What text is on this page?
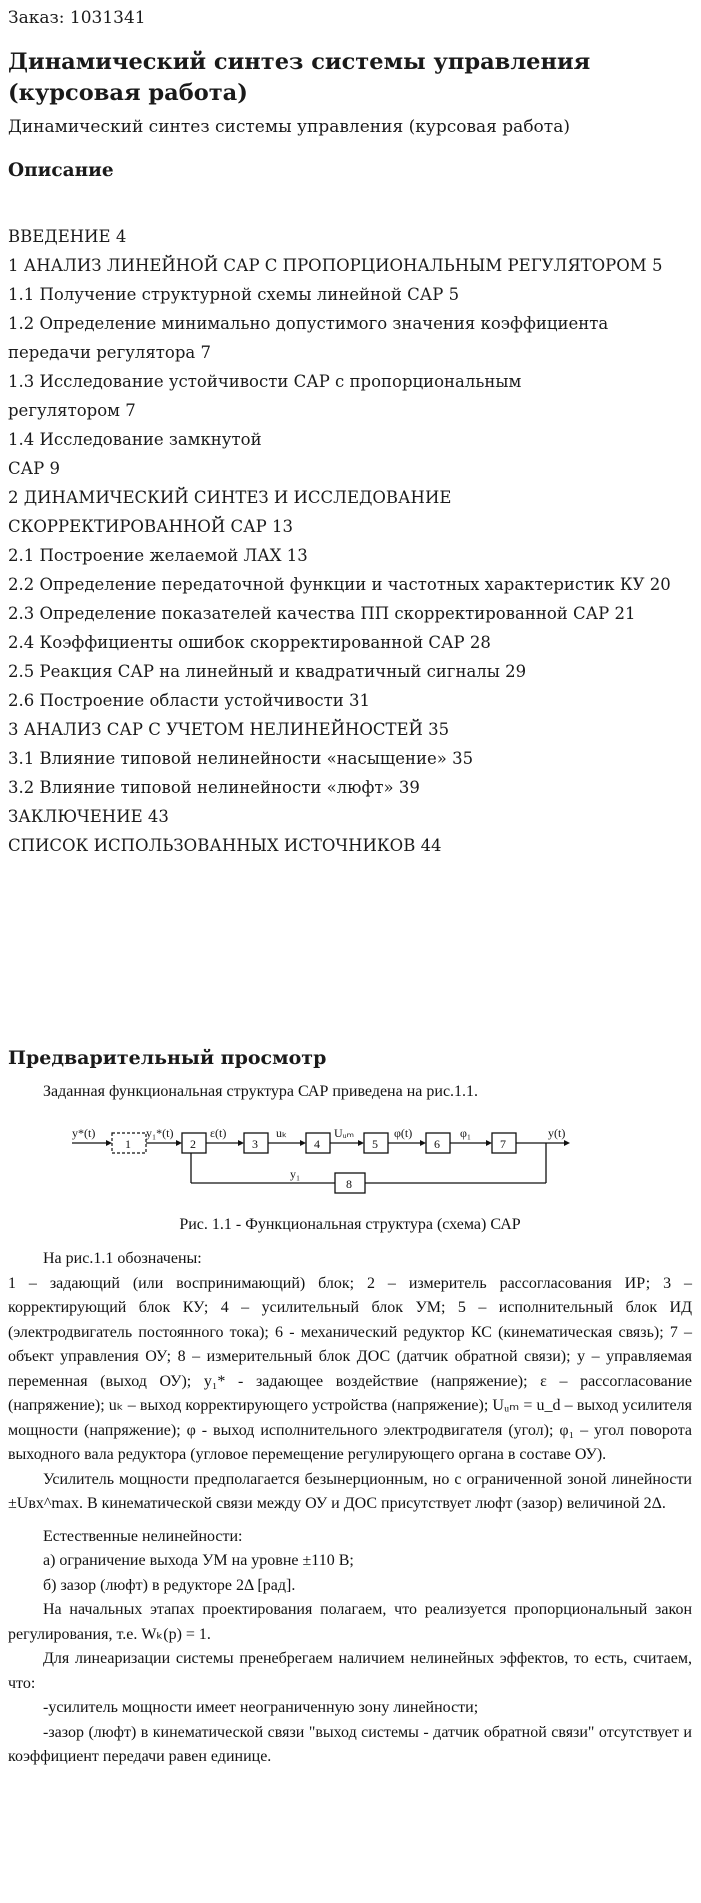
Заказ: 1031341
Динамический синтез системы управления (курсовая работа)
Динамический синтез системы управления (курсовая работа)
Описание
ВВЕДЕНИЕ 4
1 АНАЛИЗ ЛИНЕЙНОЙ САР С ПРОПОРЦИОНАЛЬНЫМ РЕГУЛЯТОРОМ 5
1.1 Получение структурной схемы линейной САР 5
1.2 Определение минимально допустимого значения коэффициента передачи регулятора 7
1.3 Исследование устойчивости САР с пропорциональным регулятором 7
1.4 Исследование замкнутой
САР 9
2 ДИНАМИЧЕСКИЙ СИНТЕЗ И ИССЛЕДОВАНИЕ СКОРРЕКТИРОВАННОЙ САР 13
2.1 Построение желаемой ЛАХ 13
2.2 Определение передаточной функции и частотных характеристик КУ 20
2.3 Определение показателей качества ПП скорректированной САР 21
2.4 Коэффициенты ошибок скорректированной САР 28
2.5 Реакция САР на линейный и квадратичный сигналы 29
2.6 Построение области устойчивости 31
3 АНАЛИЗ САР С УЧЕТОМ НЕЛИНЕЙНОСТЕЙ 35
3.1 Влияние типовой нелинейности «насыщение» 35
3.2 Влияние типовой нелинейности «люфт» 39
ЗАКЛЮЧЕНИЕ 43
СПИСОК ИСПОЛЬЗОВАННЫХ ИСТОЧНИКОВ 44
Предварительный просмотр

Заданная функциональная структура САР приведена на рис.1.1.

1	2	3	4	5	6	7
8
y*(t)	y₁*(t)	ε(t)	uₖ	Uᵤₘ	φ(t)	φ₁	y(t)
y₁

Рис. 1.1 - Функциональная структура (схема) САР

На рис.1.1 обозначены:

1 – задающий (или воспринимающий) блок; 2 – измеритель рассогласования ИР; 3 – корректирующий блок КУ; 4 – усилительный блок УМ; 5 – исполнительный блок ИД (электродвигатель постоянного тока); 6 - механический редуктор КС (кинематическая связь); 7 – объект управления ОУ; 8 – измерительный блок ДОС (датчик обратной связи); y – управляемая переменная (выход ОУ); y₁* - задающее воздействие (напряжение); ε – рассогласование (напряжение); uₖ – выход корректирующего устройства (напряжение); Uᵤₘ = u_d – выход усилителя мощности (напряжение); φ - выход исполнительного электродвигателя (угол); φ₁ – угол поворота выходного вала редуктора (угловое перемещение регулирующего органа в составе ОУ).

Усилитель мощности предполагается безынерционным, но с ограниченной зоной линейности ±Uвх^max. В кинематической связи между ОУ и ДОС присутствует люфт (зазор) величиной 2Δ.

Естественные нелинейности:

а) ограничение выхода УМ на уровне ±110 В;

б) зазор (люфт) в редукторе 2Δ [рад].

На начальных этапах проектирования полагаем, что реализуется пропорциональный закон регулирования, т.е. Wₖ(p) = 1.

Для линеаризации системы пренебрегаем наличием нелинейных эффектов, то есть, считаем, что:

-усилитель мощности имеет неограниченную зону линейности;

-зазор (люфт) в кинематической связи "выход системы - датчик обратной связи" отсутствует и коэффициент передачи равен единице.
